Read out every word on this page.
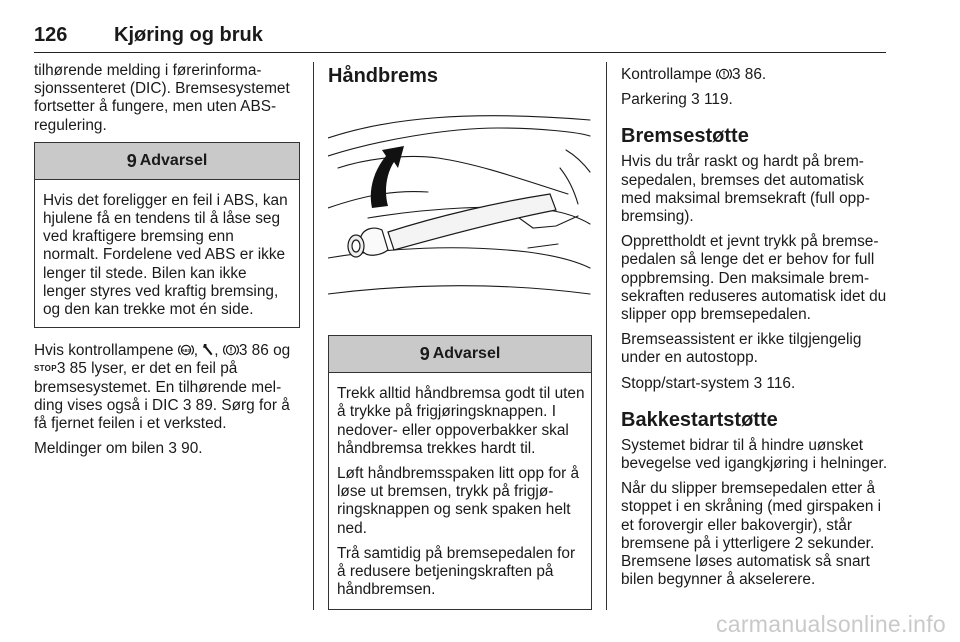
126 Kjøring og bruk

tilhørende melding i førerinformasjonssenteret (DIC). Bremsesystemet fortsetter å fungere, men uten ABS-regulering.

9 Advarsel

Hvis det foreligger en feil i ABS, kan hjulene få en tendens til å låse seg ved kraftigere bremsing enn normalt. Fordelene ved ABS er ikke lenger til stede. Bilen kan ikke lenger styres ved kraftig bremsing, og den kan trekke mot én side.

Hvis kontrollampene ABS , , 3 86 og STOP3 85 lyser, er det en feil på bremsesystemet. En tilhørende melding vises også i DIC 3 89. Sørg for å få fjernet feilen i et verksted.

Meldinger om bilen 3 90.

Håndbrems
9 Advarsel

Trekk alltid håndbremsa godt til uten å trykke på frigjøringsknappen. I nedover- eller oppoverbakker skal håndbremsa trekkes hardt til.

Løft håndbremsspaken litt opp for å løse ut bremsen, trykk på frigjøringsknappen og senk spaken helt ned.

Trå samtidig på bremsepedalen for å redusere betjeningskraften på håndbremsen.

Kontrollampe 3 86.

Parkering 3 119.

Bremsestøtte

Hvis du trår raskt og hardt på bremsepedalen, bremses det automatisk med maksimal bremsekraft (full oppbremsing).

Opprettholdt et jevnt trykk på bremsepedalen så lenge det er behov for full oppbremsing. Den maksimale bremsekraften reduseres automatisk idet du slipper opp bremsepedalen.

Bremseassistent er ikke tilgjengelig under en autostopp.

Stopp/start-system 3 116.

Bakkestartstøtte

Systemet bidrar til å hindre uønsket bevegelse ved igangkjøring i helninger.

Når du slipper bremsepedalen etter å stoppet i en skråning (med girspaken i et forovergir eller bakovergir), står bremsene på i ytterligere 2 sekunder. Bremsene løses automatisk så snart bilen begynner å akselerere.

carmanualsonline.info
